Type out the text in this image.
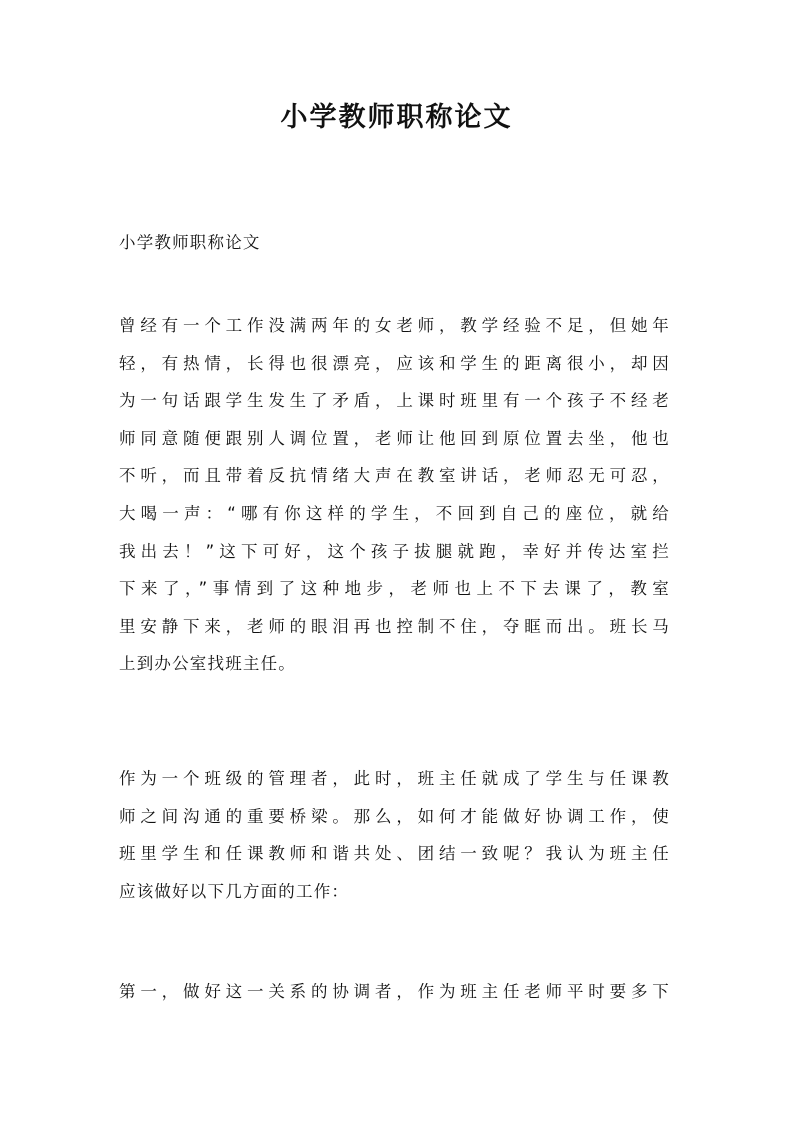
小学教师职称论文

小学教师职称论文

曾经有一个工作没满两年的女老师，教学经验不足，但她年
轻，有热情，长得也很漂亮，应该和学生的距离很小，却因
为一句话跟学生发生了矛盾，上课时班里有一个孩子不经老
师同意随便跟别人调位置，老师让他回到原位置去坐，他也
不听，而且带着反抗情绪大声在教室讲话，老师忍无可忍，
大喝一声：“哪有你这样的学生，不回到自己的座位，就给
我出去！”这下可好，这个孩子拔腿就跑，幸好并传达室拦
下来了，”事情到了这种地步，老师也上不下去课了，教室
里安静下来，老师的眼泪再也控制不住，夺眶而出。班长马
上到办公室找班主任。

作为一个班级的管理者，此时，班主任就成了学生与任课教
师之间沟通的重要桥梁。那么，如何才能做好协调工作，使
班里学生和任课教师和谐共处、团结一致呢？我认为班主任
应该做好以下几方面的工作：

第一，做好这一关系的协调者，作为班主任老师平时要多下
